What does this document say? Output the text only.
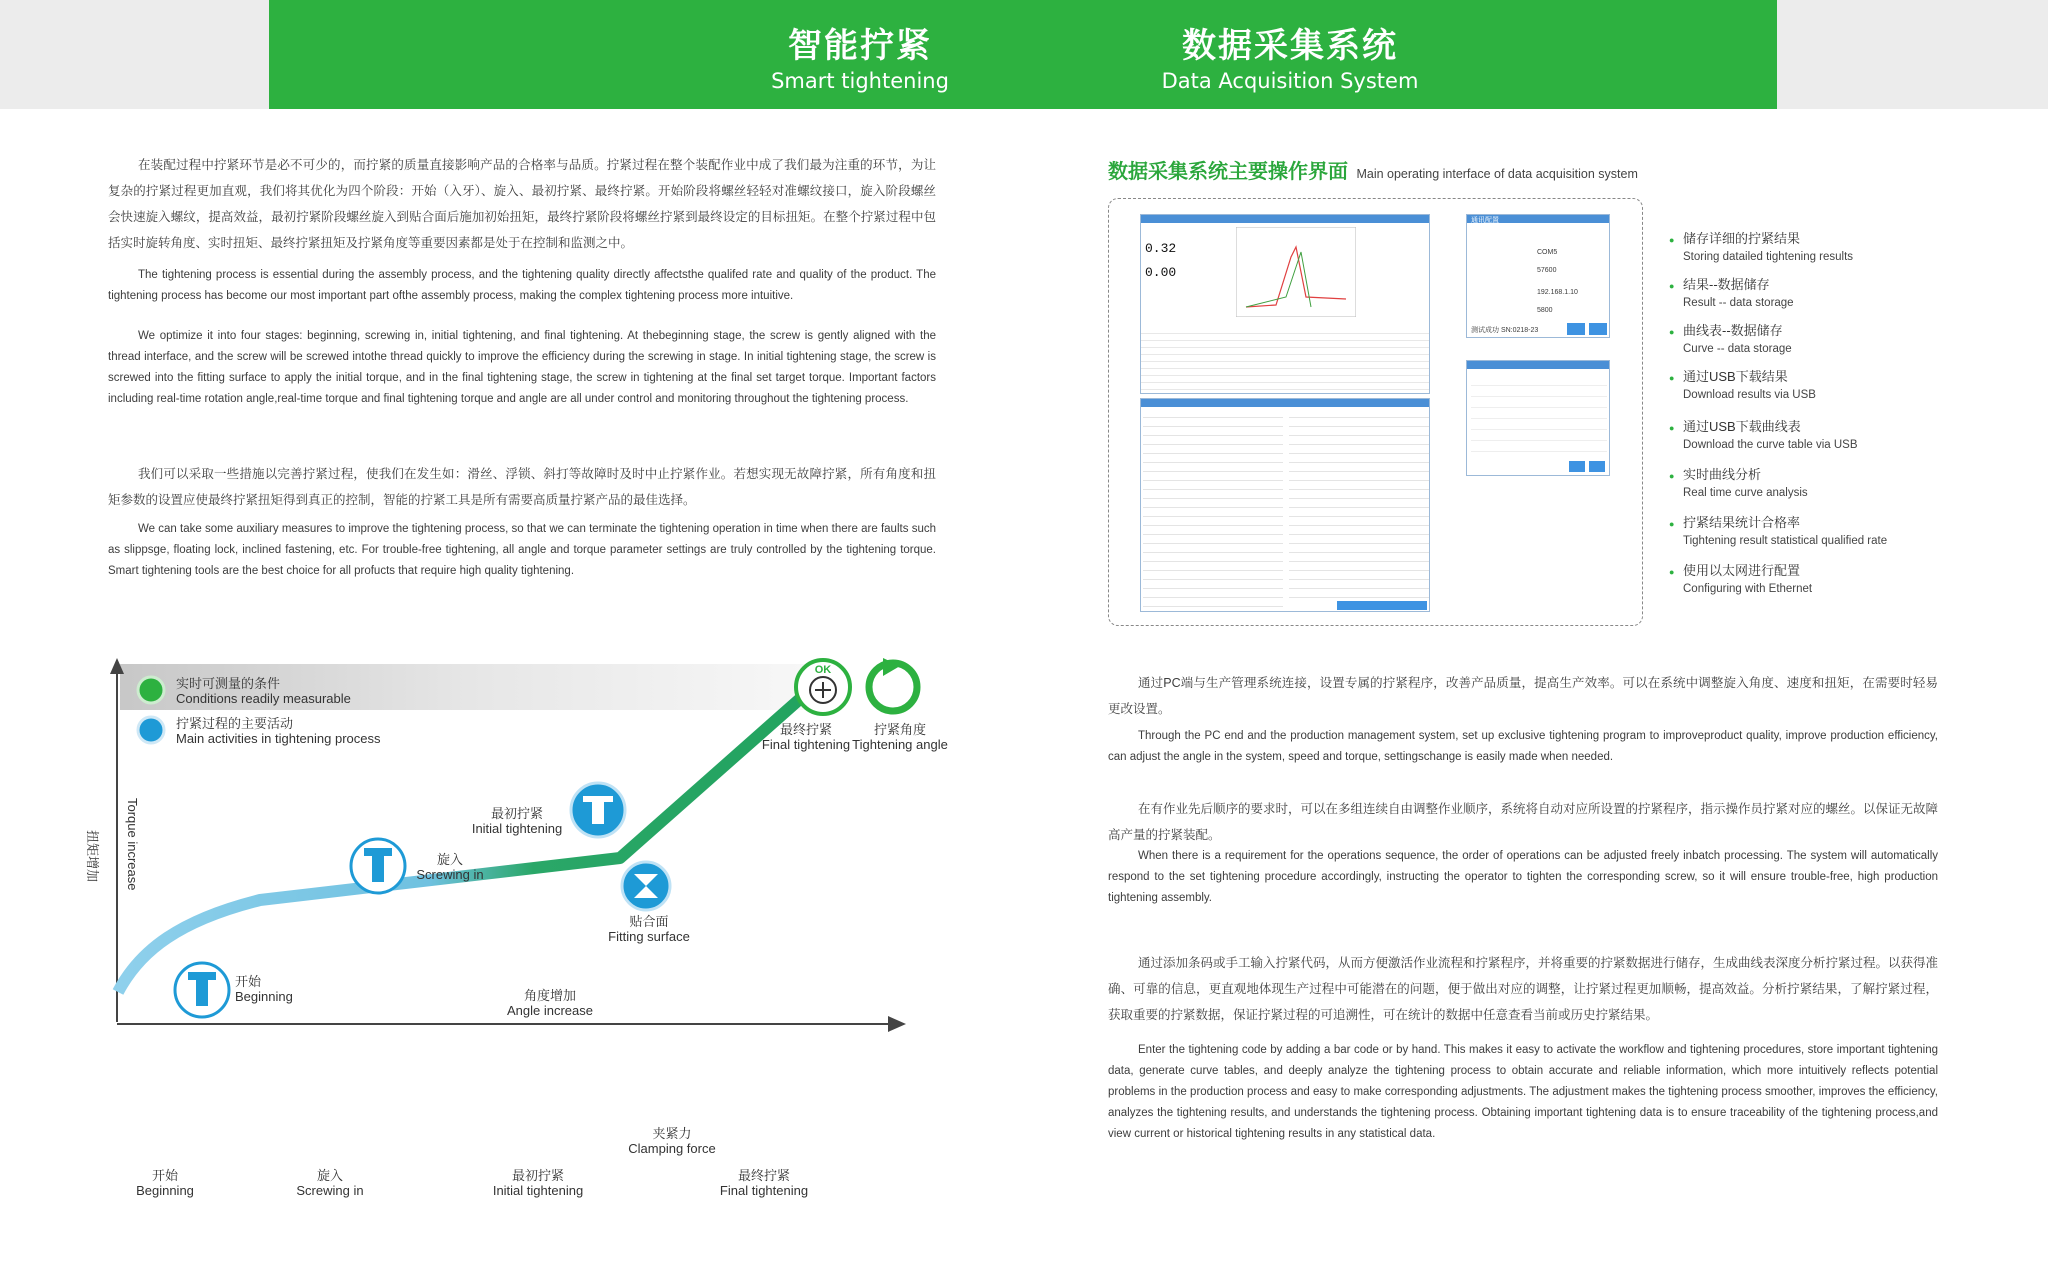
智能拧紧
Smart tightening
数据采集系统
Data Acquisition System
在装配过程中拧紧环节是必不可少的，而拧紧的质量直接影响产品的合格率与品质。拧紧过程在整个装配作业中成了我们最为注重的环节，为让复杂的拧紧过程更加直观，我们将其优化为四个阶段：开始（入牙）、旋入、最初拧紧、最终拧紧。开始阶段将螺丝轻轻对准螺纹接口，旋入阶段螺丝会快速旋入螺纹，提高效益，最初拧紧阶段螺丝旋入到贴合面后施加初始扭矩，最终拧紧阶段将螺丝拧紧到最终设定的目标扭矩。在整个拧紧过程中包括实时旋转角度、实时扭矩、最终拧紧扭矩及拧紧角度等重要因素都是处于在控制和监测之中。
The tightening process is essential during the assembly process, and the tightening quality directly affectsthe qualifed rate and quality of the product. The tightening process has become our most important part ofthe assembly process, making the complex tightening process more intuitive.
We optimize it into four stages: beginning, screwing in, initial tightening, and final tightening. At thebeginning stage, the screw is gently aligned with the thread interface, and the screw will be screwed intothe thread quickly to improve the efficiency during the screwing in stage. In initial tightening stage, the screw is screwed into the fitting surface to apply the initial torque, and in the final tightening stage, the screw in tightening at the final set target torque. Important factors including real-time rotation angle,real-time torque and final tightening torque and angle are all under control and monitoring throughout the tightening process.
我们可以采取一些措施以完善拧紧过程，使我们在发生如：滑丝、浮锁、斜打等故障时及时中止拧紧作业。若想实现无故障拧紧，所有角度和扭矩参数的设置应使最终拧紧扭矩得到真正的控制，智能的拧紧工具是所有需要高质量拧紧产品的最佳选择。
We can take some auxiliary measures to improve the tightening process, so that we can terminate the tightening operation in time when there are faults such as slippsge, floating lock, inclined fastening, etc. For trouble-free tightening, all angle and torque parameter settings are truly controlled by the tightening torque. Smart tightening tools are the best choice for all profucts that require high quality tightening.
OK
实时可测量的条件
Conditions readily measurable
拧紧过程的主要活动
Main activities in tightening process
扭矩增加 Torque increase
角度增加
Angle increase
开始
Beginning
旋入
Screwing in
最初拧紧
Initial tightening
贴合面
Fitting surface
最终拧紧
Final tightening
拧紧角度
Tightening angle
夹紧角度
Clamping angle
夹紧力
Clamping force
开始
Beginning
旋入
Screwing in
最初拧紧
Initial tightening
最终拧紧
Final tightening
数据采集系统主要操作界面 Main operating interface of data acquisition system
0.32
0.00
通讯配置
COM5
57600
192.168.1.10
5800
测试成功 SN:0218-23
● 储存详细的拧紧结果
Storing datailed tightening results
● 结果--数据储存
Result -- data storage
● 曲线表--数据储存
Curve -- data storage
● 通过USB下载结果
Download results via USB
● 通过USB下载曲线表
Download the curve table via USB
● 实时曲线分析
Real time curve analysis
● 拧紧结果统计合格率
Tightening result statistical qualified rate
● 使用以太网进行配置
Configuring with Ethernet
通过PC端与生产管理系统连接，设置专属的拧紧程序，改善产品质量，提高生产效率。可以在系统中调整旋入角度、速度和扭矩，在需要时轻易更改设置。
Through the PC end and the production management system, set up exclusive tightening program to improveproduct quality, improve production efficiency, can adjust the angle in the system, speed and torque, settingschange is easily made when needed.
在有作业先后顺序的要求时，可以在多组连续自由调整作业顺序，系统将自动对应所设置的拧紧程序，指示操作员拧紧对应的螺丝。以保证无故障高产量的拧紧装配。
When there is a requirement for the operations sequence, the order of operations can be adjusted freely inbatch processing. The system will automatically respond to the set tightening procedure accordingly, instructing the operator to tighten the corresponding screw, so it will ensure trouble-free, high production tightening assembly.
通过添加条码或手工输入拧紧代码，从而方便激活作业流程和拧紧程序，并将重要的拧紧数据进行储存，生成曲线表深度分析拧紧过程。以获得准确、可靠的信息，更直观地体现生产过程中可能潜在的问题，便于做出对应的调整，让拧紧过程更加顺畅，提高效益。分析拧紧结果，了解拧紧过程，获取重要的拧紧数据，保证拧紧过程的可追溯性，可在统计的数据中任意查看当前或历史拧紧结果。
Enter the tightening code by adding a bar code or by hand. This makes it easy to activate the workflow and tightening procedures, store important tightening data, generate curve tables, and deeply analyze the tightening process to obtain accurate and reliable information, which more intuitively reflects potential problems in the production process and easy to make corresponding adjustments. The adjustment makes the tightening process smoother, improves the efficiency, analyzes the tightening results, and understands the tightening process. Obtaining important tightening data is to ensure traceability of the tightening process,and view current or historical tightening results in any statistical data.
